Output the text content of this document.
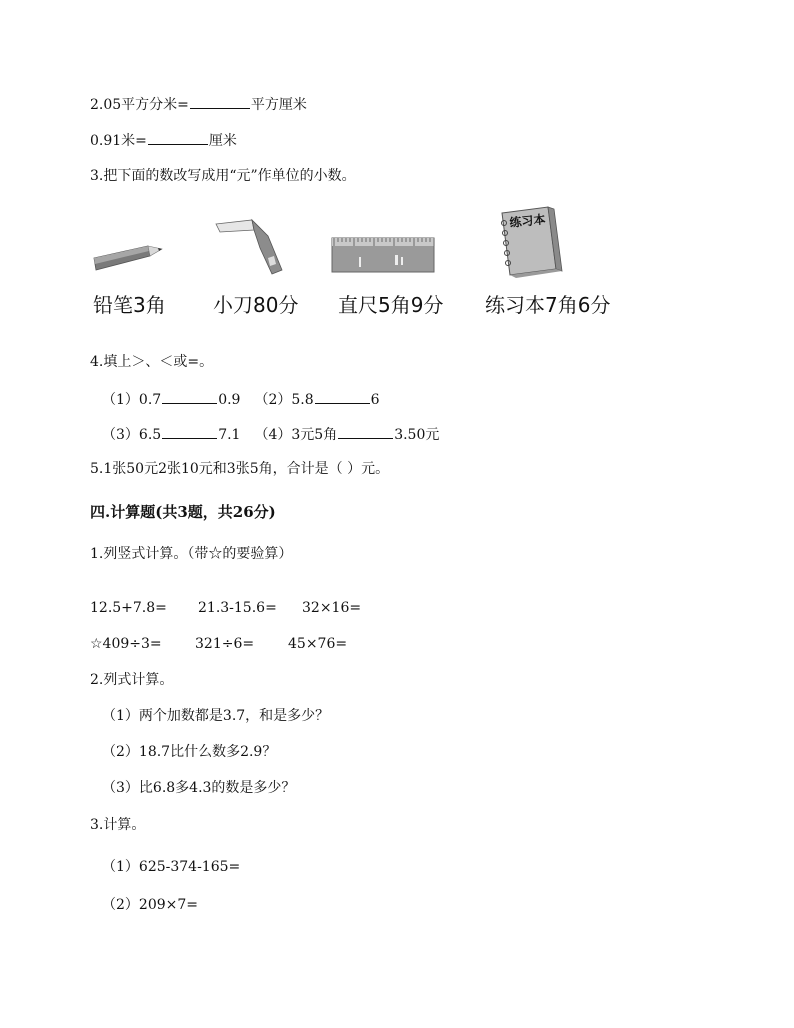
2.05平方分米=	平方厘米
0.91米=	厘米
3.把下面的数改写成用“元”作单位的小数。
铅笔3角 小刀80分 直尺5角9分
练习本
练习本7角6分
4.填上＞、＜或=。
（1）0.7	0.9 （2）5.8	6
（3）6.5	7.1 （4）3元5角	3.50元
5.1张50元2张10元和3张5角，合计是（ ）元。
四.计算题(共3题，共26分)
1.列竖式计算。（带☆的要验算）
12.5+7.8= 21.3-15.6= 32×16=
☆409÷3= 321÷6= 45×76=
2.列式计算。
（1）两个加数都是3.7，和是多少？
（2）18.7比什么数多2.9？
（3）比6.8多4.3的数是多少？
3.计算。
（1）625-374-165=
（2）209×7=
